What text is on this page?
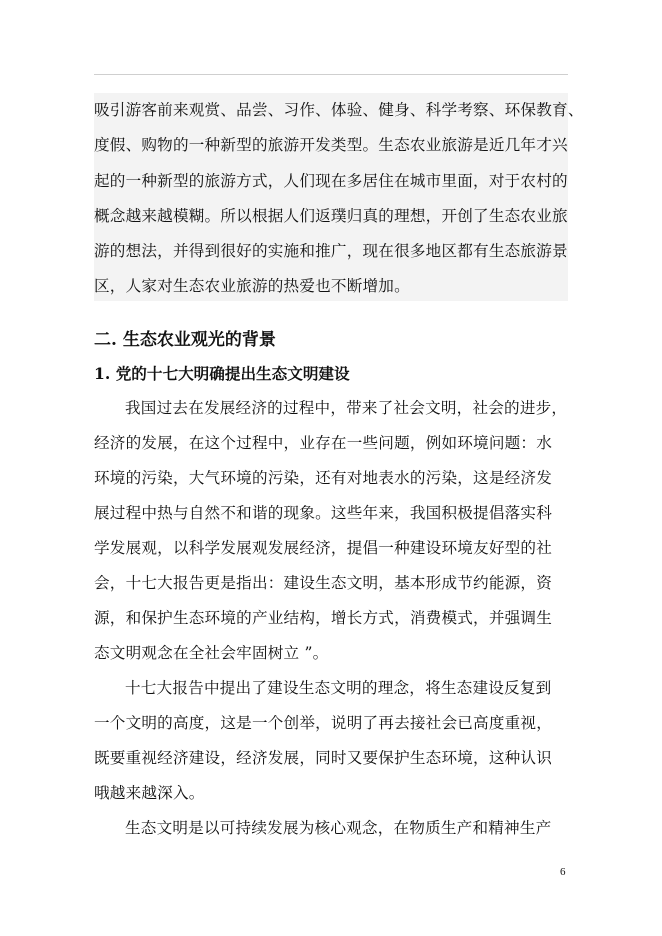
吸引游客前来观赏、品尝、习作、体验、健身、科学考察、环保教育、
度假、购物的一种新型的旅游开发类型。生态农业旅游是近几年才兴
起的一种新型的旅游方式，人们现在多居住在城市里面，对于农村的
概念越来越模糊。所以根据人们返璞归真的理想，开创了生态农业旅
游的想法，并得到很好的实施和推广，现在很多地区都有生态旅游景
区，人家对生态农业旅游的热爱也不断增加。
二. 生态农业观光的背景
1. 党的十七大明确提出生态文明建设
我国过去在发展经济的过程中，带来了社会文明，社会的进步，
经济的发展，在这个过程中，业存在一些问题，例如环境问题：水
环境的污染，大气环境的污染，还有对地表水的污染，这是经济发
展过程中热与自然不和谐的现象。这些年来，我国积极提倡落实科
学发展观，以科学发展观发展经济，提倡一种建设环境友好型的社
会，十七大报告更是指出：建设生态文明，基本形成节约能源，资
源，和保护生态环境的产业结构，增长方式，消费模式，并强调生
态文明观念在全社会牢固树立 ”。
十七大报告中提出了建设生态文明的理念，将生态建设反复到
一个文明的高度，这是一个创举，说明了再去接社会已高度重视，
既要重视经济建设，经济发展，同时又要保护生态环境，这种认识
哦越来越深入。
生态文明是以可持续发展为核心观念，在物质生产和精神生产
6
